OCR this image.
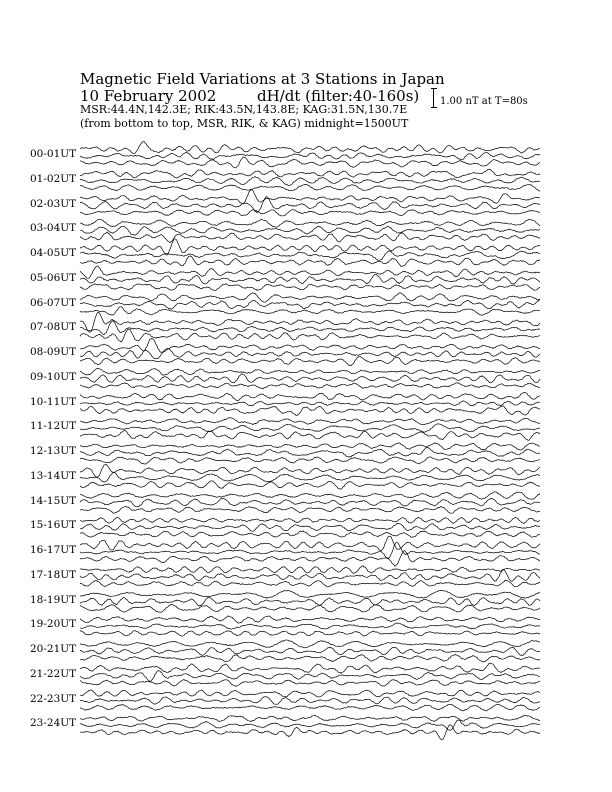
Magnetic Field Variations at 3 Stations in Japan
10 February 2002	dH/dt (filter:40-160s)
MSR:44.4N,142.3E; RIK:43.5N,143.8E; KAG:31.5N,130.7E
(from bottom to top, MSR, RIK, & KAG) midnight=1500UT
1.00 nT at T=80s
00-01UT
01-02UT
02-03UT
03-04UT
04-05UT
05-06UT
06-07UT
07-08UT
08-09UT
09-10UT
10-11UT
11-12UT
12-13UT
13-14UT
14-15UT
15-16UT
16-17UT
17-18UT
18-19UT
19-20UT
20-21UT
21-22UT
22-23UT
23-24UT
